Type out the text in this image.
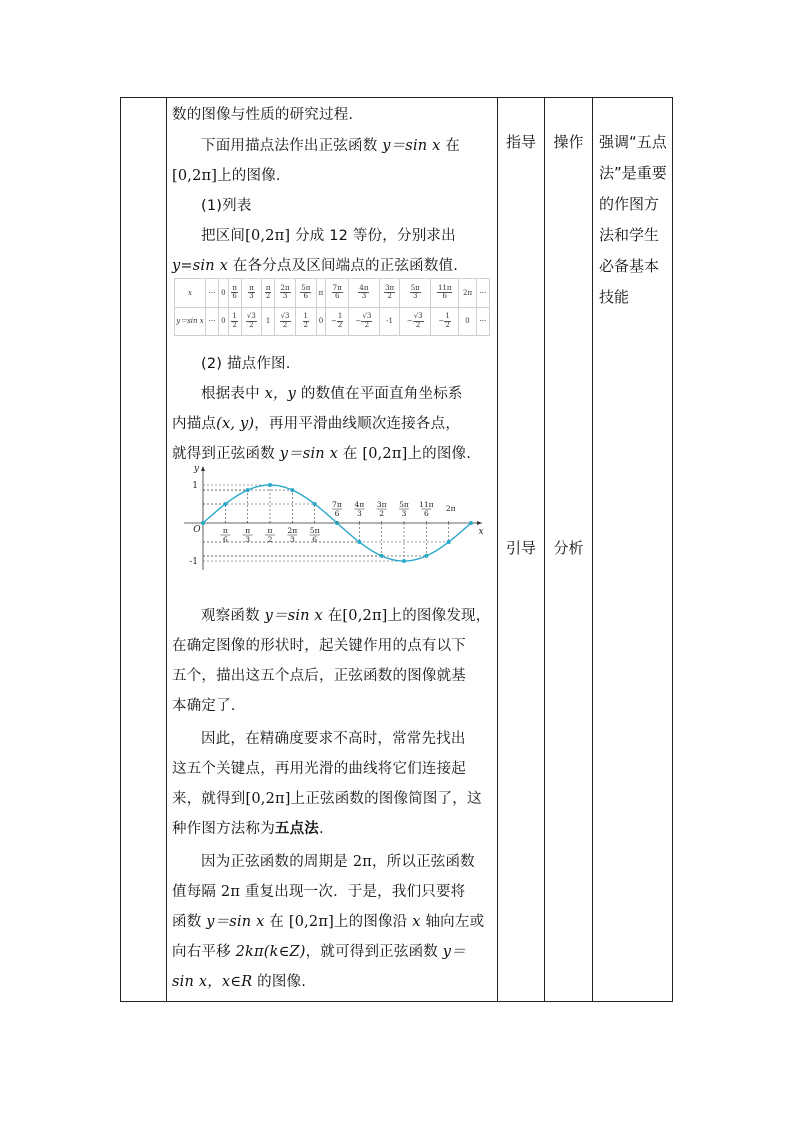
数的图像与性质的研究过程.

下面用描点法作出正弦函数 y＝sin x 在

[0,2π]上的图像.

(1)列表

把区间[0,2π] 分成 12 等份，分别求出

y=sin x 在各分点及区间端点的正弦函数值.

(2) 描点作图.

根据表中 x，y 的数值在平面直角坐标系

内描点(x, y)，再用平滑曲线顺次连接各点，

就得到正弦函数 y＝sin x 在 [0,2π]上的图像.

观察函数 y＝sin x 在[0,2π]上的图像发现，

在确定图像的形状时，起关键作用的点有以下

五个，描出这五个点后，正弦函数的图像就基

本确定了.

因此，在精确度要求不高时，常常先找出

这五个关键点，再用光滑的曲线将它们连接起

来，就得到[0,2π]上正弦函数的图像简图了，这

种作图方法称为五点法.

因为正弦函数的周期是 2π，所以正弦函数

值每隔 2π 重复出现一次．于是，我们只要将

函数 y＝sin x 在 [0,2π]上的图像沿 x 轴向左或

向右平移 2kπ(k∈Z)，就可得到正弦函数 y＝

sin x，x∈R 的图像.

x	···	0	$\frac{\pi}{6}$	$\frac{\pi}{3}$	$\frac{\pi}{2}$	$\frac{2\pi}{3}$	$\frac{5\pi}{6}$	π	$\frac{7\pi}{6}$	$\frac{4\pi}{3}$	$\frac{3\pi}{2}$	$\frac{5\pi}{3}$	$\frac{11\pi}{6}$	2π	···
y＝sin x	···	0	$\frac{1}{2}$	$\frac{√3}{2}$	1	$\frac{√3}{2}$	$\frac{1}{2}$	0	− $\frac{1}{2}$	− $\frac{√3}{2}$	-1	− $\frac{√3}{2}$	− $\frac{1}{2}$	0	···
y
x
O
1
-1
π
6
π
3
π
2
2π
3
5π
6
7π
6
4π
3
3π
2
5π
3
11π
6
2π
指导	操作
引导	分析
强调“五点法”是重要的作图方法和学生必备基本技能
